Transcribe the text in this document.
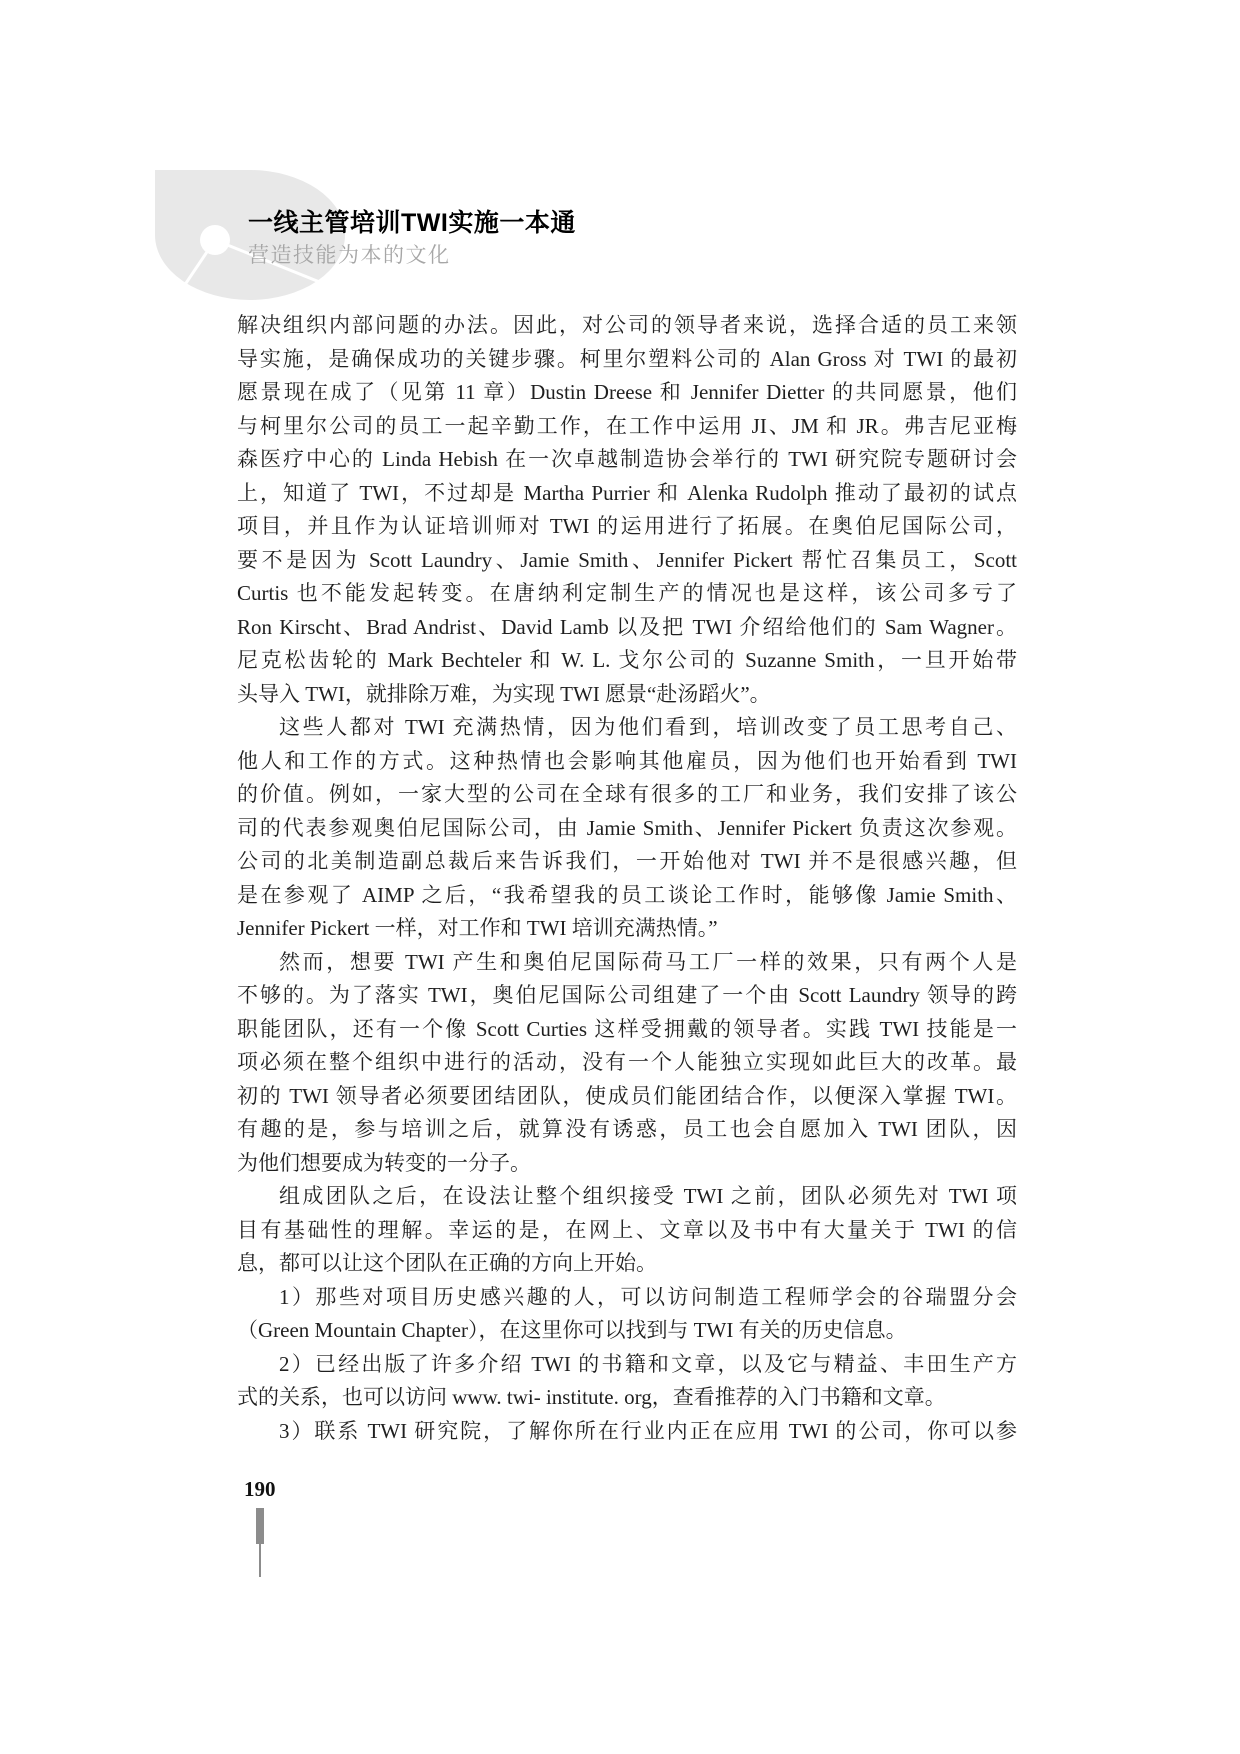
一线主管培训TWI实施一本通
营造技能为本的文化
解决组织内部问题的办法。因此，对公司的领导者来说，选择合适的员工来领
导实施，是确保成功的关键步骤。柯里尔塑料公司的 Alan Gross 对 TWI 的最初
愿景现在成了（见第 11 章）Dustin Dreese 和 Jennifer Dietter 的共同愿景，他们
与柯里尔公司的员工一起辛勤工作，在工作中运用 JI、JM 和 JR。弗吉尼亚梅
森医疗中心的 Linda Hebish 在一次卓越制造协会举行的 TWI 研究院专题研讨会
上，知道了 TWI，不过却是 Martha Purrier 和 Alenka Rudolph 推动了最初的试点
项目，并且作为认证培训师对 TWI 的运用进行了拓展。在奥伯尼国际公司，
要不是因为 Scott Laundry、Jamie Smith、Jennifer Pickert 帮忙召集员工，Scott
Curtis 也不能发起转变。在唐纳利定制生产的情况也是这样，该公司多亏了
Ron Kirscht、Brad Andrist、David Lamb 以及把 TWI 介绍给他们的 Sam Wagner。
尼克松齿轮的 Mark Bechteler 和 W. L. 戈尔公司的 Suzanne Smith，一旦开始带
头导入 TWI，就排除万难，为实现 TWI 愿景“赴汤蹈火”。
这些人都对 TWI 充满热情，因为他们看到，培训改变了员工思考自己、
他人和工作的方式。这种热情也会影响其他雇员，因为他们也开始看到 TWI
的价值。例如，一家大型的公司在全球有很多的工厂和业务，我们安排了该公
司的代表参观奥伯尼国际公司，由 Jamie Smith、Jennifer Pickert 负责这次参观。
公司的北美制造副总裁后来告诉我们，一开始他对 TWI 并不是很感兴趣，但
是在参观了 AIMP 之后，“我希望我的员工谈论工作时，能够像 Jamie Smith、
Jennifer Pickert 一样，对工作和 TWI 培训充满热情。”
然而，想要 TWI 产生和奥伯尼国际荷马工厂一样的效果，只有两个人是
不够的。为了落实 TWI，奥伯尼国际公司组建了一个由 Scott Laundry 领导的跨
职能团队，还有一个像 Scott Curties 这样受拥戴的领导者。实践 TWI 技能是一
项必须在整个组织中进行的活动，没有一个人能独立实现如此巨大的改革。最
初的 TWI 领导者必须要团结团队，使成员们能团结合作，以便深入掌握 TWI。
有趣的是，参与培训之后，就算没有诱惑，员工也会自愿加入 TWI 团队，因
为他们想要成为转变的一分子。
组成团队之后，在设法让整个组织接受 TWI 之前，团队必须先对 TWI 项
目有基础性的理解。幸运的是，在网上、文章以及书中有大量关于 TWI 的信
息，都可以让这个团队在正确的方向上开始。
1）那些对项目历史感兴趣的人，可以访问制造工程师学会的谷瑞盟分会
（Green Mountain Chapter），在这里你可以找到与 TWI 有关的历史信息。
2）已经出版了许多介绍 TWI 的书籍和文章，以及它与精益、丰田生产方
式的关系，也可以访问 www. twi- institute. org，查看推荐的入门书籍和文章。
3）联系 TWI 研究院，了解你所在行业内正在应用 TWI 的公司，你可以参
190
